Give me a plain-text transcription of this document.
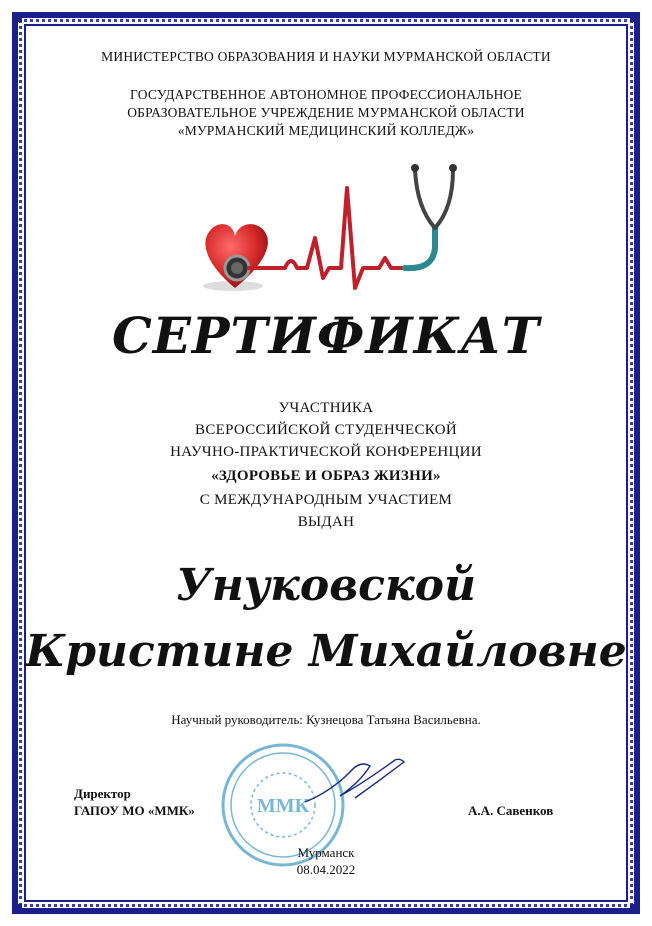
МИНИСТЕРСТВО ОБРАЗОВАНИЯ И НАУКИ МУРМАНСКОЙ ОБЛАСТИ
ГОСУДАРСТВЕННОЕ АВТОНОМНОЕ ПРОФЕССИОНАЛЬНОЕ
ОБРАЗОВАТЕЛЬНОЕ УЧРЕЖДЕНИЕ МУРМАНСКОЙ ОБЛАСТИ
«МУРМАНСКИЙ МЕДИЦИНСКИЙ КОЛЛЕДЖ»
СЕРТИФИКАТ
УЧАСТНИКА
ВСЕРОССИЙСКОЙ СТУДЕНЧЕСКОЙ
НАУЧНО-ПРАКТИЧЕСКОЙ КОНФЕРЕНЦИИ
«ЗДОРОВЬЕ И ОБРАЗ ЖИЗНИ»
С МЕЖДУНАРОДНЫМ УЧАСТИЕМ
ВЫДАН
Унуковской
Кристине Михайловне
Научный руководитель: Кузнецова Татьяна Васильевна.
ММК
Директор
ГАПОУ МО «ММК»	А.А. Савенков
Мурманск
08.04.2022
